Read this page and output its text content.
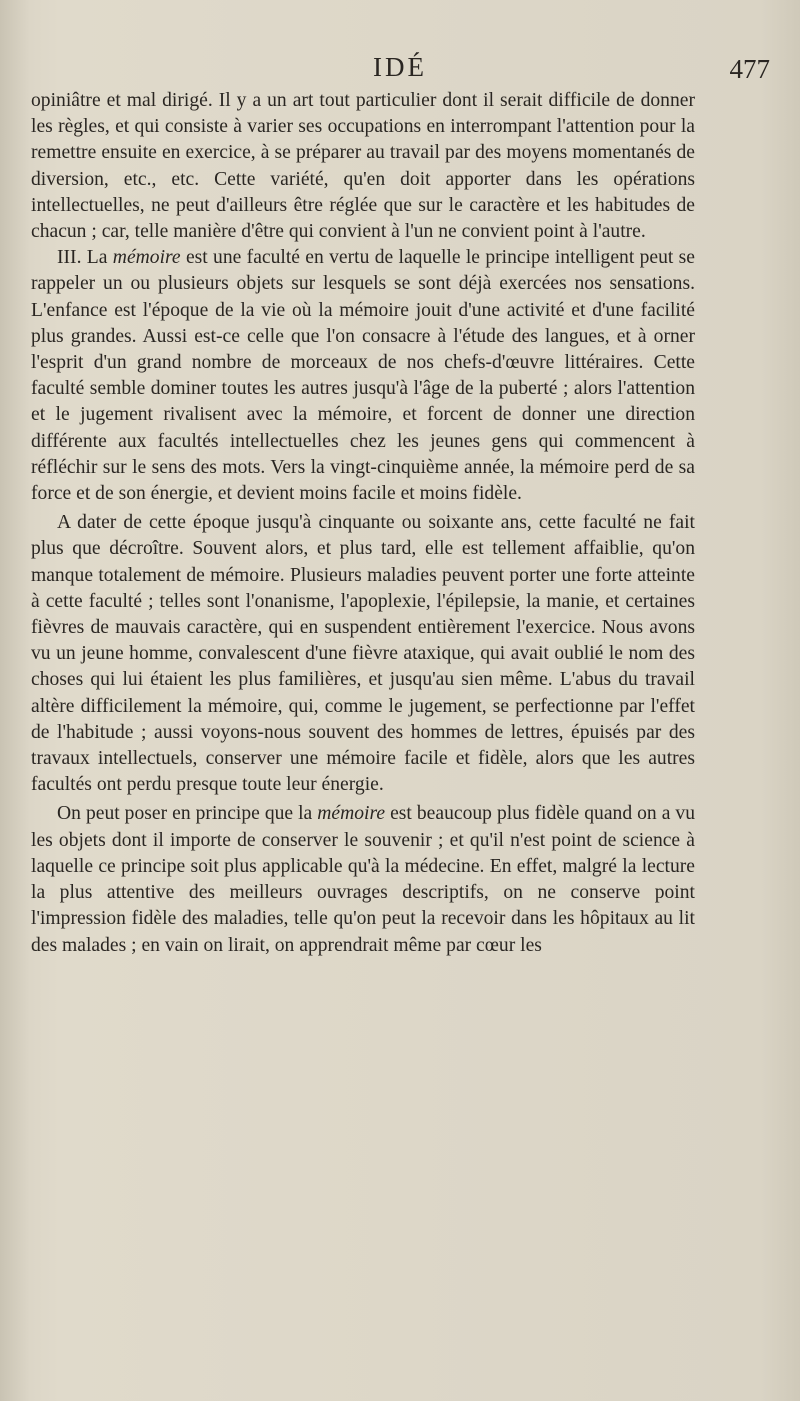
IDÉ	477

opiniâtre et mal dirigé. Il y a un art tout particulier dont il serait difficile de donner les règles, et qui consiste à varier ses occupations en interrompant l'attention pour la remettre ensuite en exercice, à se préparer au travail par des moyens momentanés de diversion, etc., etc. Cette variété, qu'en doit apporter dans les opérations intellectuelles, ne peut d'ailleurs être réglée que sur le caractère et les habitudes de chacun ; car, telle manière d'être qui convient à l'un ne convient point à l'autre.

III. La mémoire est une faculté en vertu de laquelle le principe intelligent peut se rappeler un ou plusieurs objets sur lesquels se sont déjà exercées nos sensations. L'enfance est l'époque de la vie où la mémoire jouit d'une activité et d'une facilité plus grandes. Aussi est-ce celle que l'on consacre à l'étude des langues, et à orner l'esprit d'un grand nombre de morceaux de nos chefs-d'œuvre littéraires. Cette faculté semble dominer toutes les autres jusqu'à l'âge de la puberté ; alors l'attention et le jugement rivalisent avec la mémoire, et forcent de donner une direction différente aux facultés intellectuelles chez les jeunes gens qui commencent à réfléchir sur le sens des mots. Vers la vingt-cinquième année, la mémoire perd de sa force et de son énergie, et devient moins facile et moins fidèle.

A dater de cette époque jusqu'à cinquante ou soixante ans, cette faculté ne fait plus que décroître. Souvent alors, et plus tard, elle est tellement affaiblie, qu'on manque totalement de mémoire. Plusieurs maladies peuvent porter une forte atteinte à cette faculté ; telles sont l'onanisme, l'apoplexie, l'épilepsie, la manie, et certaines fièvres de mauvais caractère, qui en suspendent entièrement l'exercice. Nous avons vu un jeune homme, convalescent d'une fièvre ataxique, qui avait oublié le nom des choses qui lui étaient les plus familières, et jusqu'au sien même. L'abus du travail altère difficilement la mémoire, qui, comme le jugement, se perfectionne par l'effet de l'habitude ; aussi voyons-nous souvent des hommes de lettres, épuisés par des travaux intellectuels, conserver une mémoire facile et fidèle, alors que les autres facultés ont perdu presque toute leur énergie.

On peut poser en principe que la mémoire est beaucoup plus fidèle quand on a vu les objets dont il importe de conserver le souvenir ; et qu'il n'est point de science à laquelle ce principe soit plus applicable qu'à la médecine. En effet, malgré la lecture la plus attentive des meilleurs ouvrages descriptifs, on ne conserve point l'impression fidèle des maladies, telle qu'on peut la recevoir dans les hôpitaux au lit des malades ; en vain on lirait, on apprendrait même par cœur les
